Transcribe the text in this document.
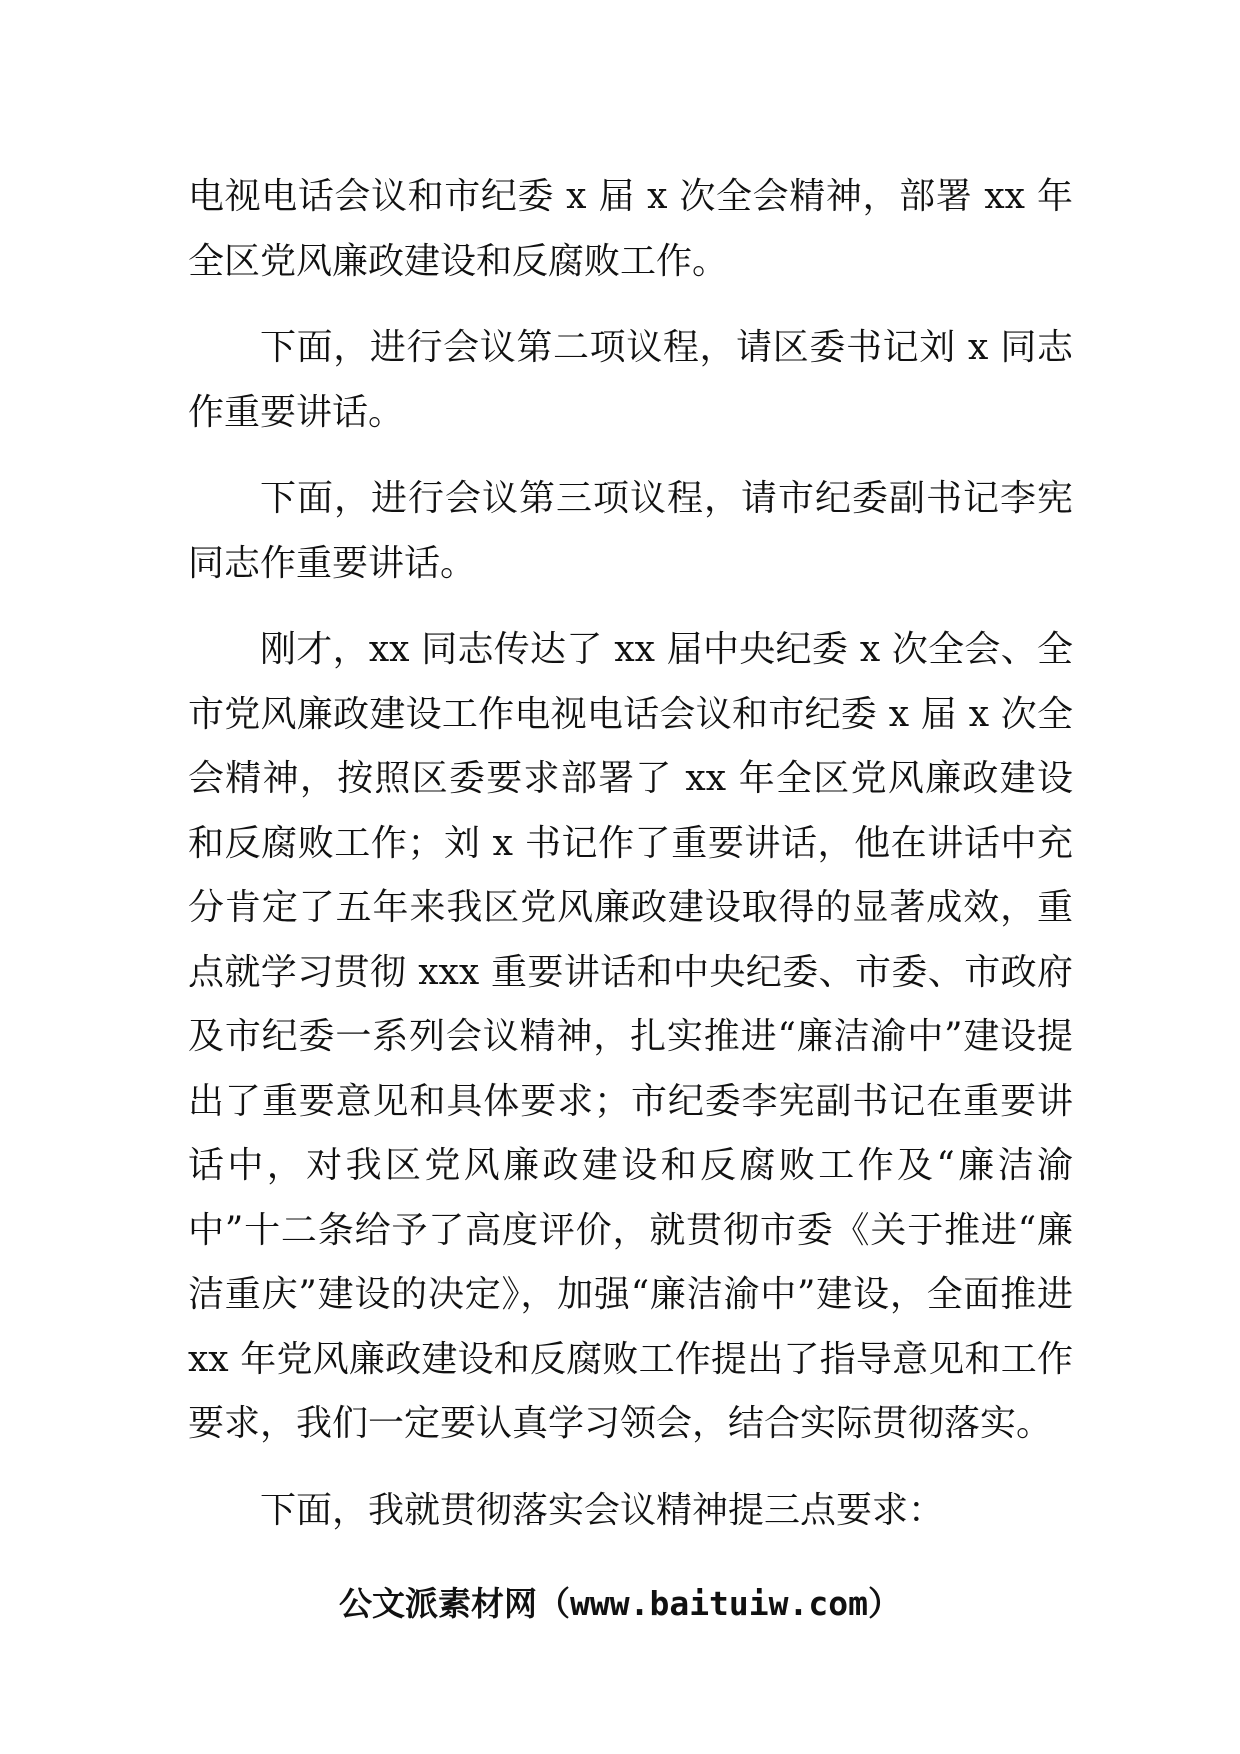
电视电话会议和市纪委 x 届 x 次全会精神，部署 xx 年全区党风廉政建设和反腐败工作。

下面，进行会议第二项议程，请区委书记刘 x 同志作重要讲话。

下面，进行会议第三项议程，请市纪委副书记李宪同志作重要讲话。

刚才，xx 同志传达了 xx 届中央纪委 x 次全会、全市党风廉政建设工作电视电话会议和市纪委 x 届 x 次全会精神，按照区委要求部署了 xx 年全区党风廉政建设和反腐败工作；刘 x 书记作了重要讲话，他在讲话中充分肯定了五年来我区党风廉政建设取得的显著成效，重点就学习贯彻 xxx 重要讲话和中央纪委、市委、市政府及市纪委一系列会议精神，扎实推进“廉洁渝中”建设提出了重要意见和具体要求；市纪委李宪副书记在重要讲话中，对我区党风廉政建设和反腐败工作及“廉洁渝中”十二条给予了高度评价，就贯彻市委《关于推进“廉洁重庆”建设的决定》，加强“廉洁渝中”建设，全面推进 xx 年党风廉政建设和反腐败工作提出了指导意见和工作要求，我们一定要认真学习领会，结合实际贯彻落实。

下面，我就贯彻落实会议精神提三点要求：

公文派素材网（www.baituiw.com）
